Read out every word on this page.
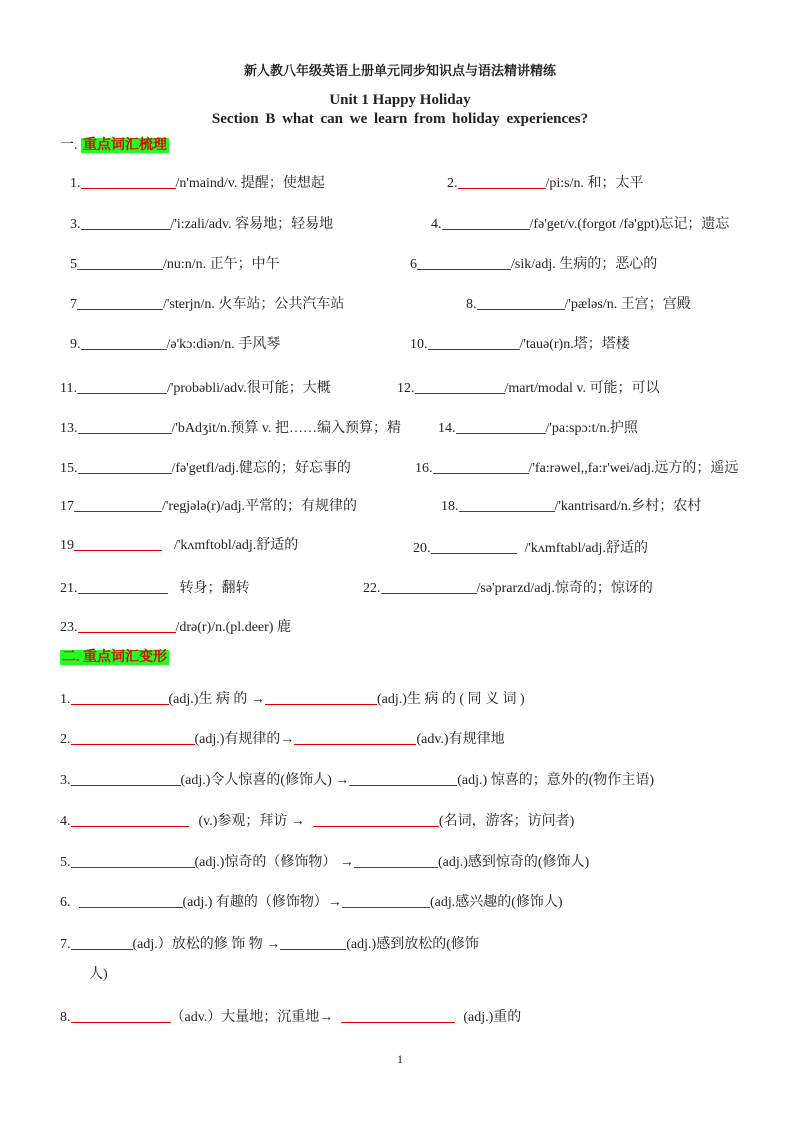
新人教八年级英语上册单元同步知识点与语法精讲精练
Unit 1 Happy Holiday
Section B what can we learn from holiday experiences?
一. 重点词汇梳理
1.	/n'maind/v. 提醒；使想起	2.	/pi:s/n. 和；太平
3.	/'i:zali/adv. 容易地；轻易地	4.	/fə'get/v.(forgot /fə'gpt)忘记；遗忘
5	/nu:n/n. 正午；中午	6	/sik/adj. 生病的；恶心的
7	/'sterjn/n. 火车站；公共汽车站	8.	/'pæləs/n. 王宫；宫殿
9.	/ə'kɔ:diən/n. 手风琴	10.	/'tauə(r)n.塔；塔楼
11.	/'probəbli/adv.很可能；大概	12.	/mart/modal v. 可能；可以
13.	/'bAdʒit/n.预算 v. 把……编入预算；精	14.	/'pa:spɔ:t/n.护照
15.	/fə'getfl/adj.健忘的；好忘事的	16.	/'fa:rəwel,,fa:r'wei/adj.远方的；遥远
17	/'regjələ(r)/adj.平常的；有规律的	18.	/'kantrisard/n.乡村；农村
19	/'kʌmftobl/adj.舒适的	20.	/'kʌmftabl/adj.舒适的
21.	转身；翻转	22.	/sə'prarzd/adj.惊奇的；惊讶的
23.	/drə(r)/n.(pl.deer) 鹿
二. 重点词汇变形
1.	(adj.)生 病 的 →	(adj.)生 病 的 ( 同 义 词 )
2.	(adj.)有规律的→	(adv.)有规律地
3.	(adj.)令人惊喜的(修饰人) →	(adj.) 惊喜的；意外的(物作主语)
4.	(v.)参观；拜访 →	(名词，游客；访问者)
5.	(adj.)惊奇的（修饰物） →	(adj.)感到惊奇的(修饰人)
6.	(adj.) 有趣的（修饰物）→	(adj.感兴趣的(修饰人)
7.	(adj.）放松的修 饰 物 →	(adj.)感到放松的(修饰
人)
8.	（adv.）大量地；沉重地→	(adj.)重的
1
